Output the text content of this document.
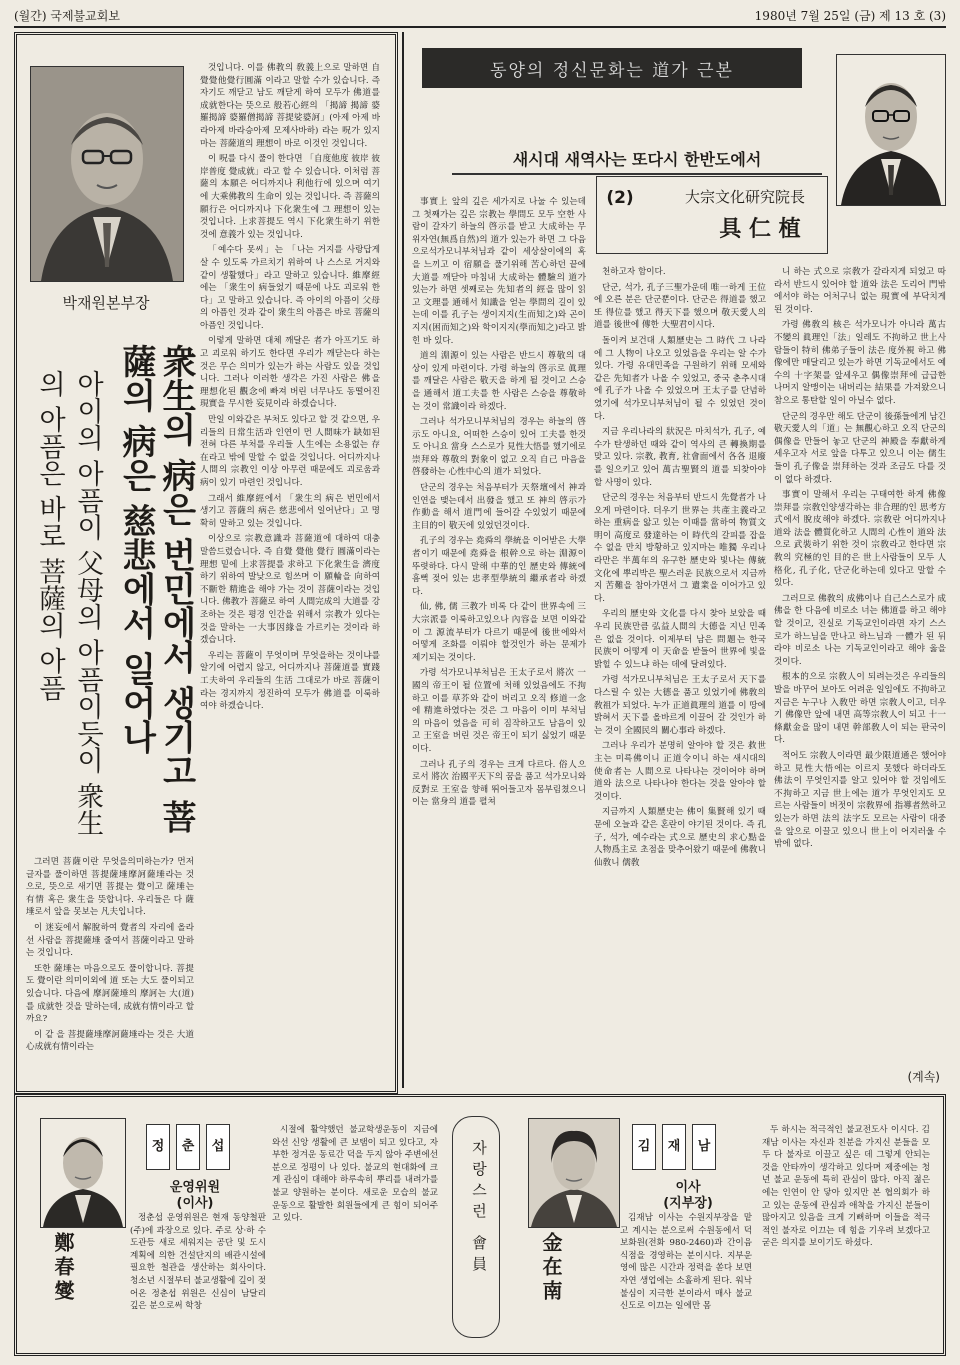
(월간) 국제불교회보	1980년 7월 25일 (금) 제 13 호 (3)
박재원본부장

것입니다. 이를 佛教의 敎義上으로 말하면 自覺覺他覺行圓滿 이라고 말할 수가 있습니다. 즉 자기도 깨닫고 남도 깨닫게 하여 모두가 佛道를 成就한다는 뜻으로 般若心經의 「揭諦 揭諦 婆羅揭諦 婆羅僧揭諦 菩提娑婆訶」(아제 아제 바라아제 바라승아제 모제사바하) 라는 呪가 있지마는 菩薩道의 理想이 바로 이것인 것입니다.

이 呪를 다시 풀이 한다면 「自度他度 彼岸 彼岸普度 覺成就」라고 할 수 있습니다. 이처럼 菩薩의 本願은 어디까지나 利他行에 있으며 여기에 大乘佛教의 生命이 있는 것입니다. 즉 菩薩의 願行은 어디까지나 下化衆生에 그 理想이 있는 것입니다. 上求菩提도 역시 下化衆生하기 위한 것에 意義가 있는 것입니다.

「예수다 못씨」는 「나는 거지를 사랑답게 살 수 있도록 가르치기 위하여 나 스스로 거지와 같이 생활했다」라고 말하고 있습니다. 維摩經에는 「衆生이 病들었기 때문에 나도 괴로워 한다」고 말하고 있습니다. 즉 아이의 아픔이 父母의 아픔인 것과 같이 衆生의 아픔은 바로 菩薩의 아픔인 것입니다.

이렇게 말하면 대체 깨달은 者가 아프기도 하고 괴로워 하기도 한다면 우리가 깨닫는다 하는 것은 무슨 의미가 있는가 하는 사람도 있을 것입니다. 그러나 이러한 생각은 가진 사람은 佛을 理想化된 觀念에 빠져 버린 너무나도 동떨어진 現實을 무시한 妄見이라 하겠습니다.

만일 이와같은 부처도 있다고 할 것 같으면, 우리들의 日常生活과 인연이 먼 人間味가 缺如된 전혀 다른 부처를 우리들 人生에는 소용없는 存在라고 밖에 말할 수 없을 것입니다. 어디까지나 人間의 宗教인 이상 아무런 때문에도 괴로움과 病이 있기 마련인 것입니다.

그래서 維摩經에서 「衆生의 病은 번민에서 생기고 菩薩의 病은 慈悲에서 일어난다」고 명확히 말하고 있는 것입니다.

이상으로 宗教意識과 菩薩道에 대하여 대충 말씀드렸습니다. 즉 自覺 覺他 覺行 圓滿이라는 理想 밑에 上求菩提를 求하고 下化衆生을 濟度하기 위하여 발낮으로 힘쓰며 이 願輪을 向하여 不斷한 精進을 해야 가는 것이 菩薩이라는 것입니다. 佛教가 菩薩로 하여 人間完成의 大道를 강조하는 것은 평경 인간을 위해서 宗教가 있다는 것을 말하는 一大事因緣을 가르키는 것이라 하겠습니다.

우리는 菩薩이 무엇이며 무엇을하는 것이냐를 알기에 어렵지 않고, 어디까지나 菩薩道를 實踐工夫하여 우리들의 生活 그대로가 바로 菩薩이라는 경지까지 정진하여 모두가 佛道를 이룩하여야 하겠습니다.

衆生의 病은 번민에서 생기고 菩薩의 病은 慈悲에서 일어나
아이의 아픔이 父母의 아픔이듯이 衆生의 아픔은 바로 菩薩의 아픔

그러면 菩薩이란 무엇을의미하는가? 먼저 글자를 풀이하면 菩提薩埵摩訶薩埵라는 것으로, 뜻으로 새기면 菩提는 覺이고 薩埵는 有情 혹은 衆生을 뜻합니다. 우리들은 다 薩埵로서 앞을 못보는 凡夫입니다.

이 迷妄에서 解脫하여 覺者의 자리에 올라 선 사람을 菩提薩埵 줄여서 菩薩이라고 말하는 것입니다.

또한 薩埵는 마음으로도 풀이합니다. 菩提도 覺이란 의미이외에 道 또는 大도 풀이되고 있습니다. 다음에 摩訶薩埵의 摩訶는 大(道)를 成就한 것을 말하는데, 成就有情이라고 할까요?

이 같 을 菩提薩埵摩訶薩埵라는 것은 大道心成就有情이라는

동양의 정신문화는 道가 근본
새시대 새역사는 또다시 한반도에서
(2)	大宗文化研究院長
具 仁 植

事實上 앞의 깊은 세가지로 나눌 수 있는데 그 첫째가는 깊은 宗教는 學問도 모두 空한 사람이 갈자기 하늘의 啓示를 받고 大成하는 무위자연(無爲自然)의 道가 있는가 하면 그 다음으로석가모니부처님과 같이 세상살이에의 혹을 느끼고 이 宿願을 풀기위해 苦心하던 끝에 大道를 깨닫아 마침내 大成하는 體驗의 道가 있는가 하면 셋째로는 先知者의 經을 많이 읽고 文理를 通해서 知識을 얻는 學問의 길이 있는데 이를 孔子는 생이지지(生而知之)와 곤이지지(困而知之)와 학이지지(學而知之)라고 밝힌 바 있다.

道의 淵源이 있는 사람은 반드시 尊敬의 대상이 있게 마련이다. 가령 하늘의 啓示로 眞理를 깨달은 사람은 敬天을 하게 될 것이고 스승을 通해서 道工夫를 한 사람은 스승을 尊敬하는 것이 常識이라 하겠다.

그러나 석가모니부처님의 경우는 하늘의 啓示도 아니요, 어떠한 스승이 있어 工夫를 한것도 아니요 當身 스스로가 見性大悟를 했기에로 崇拜와 尊敬의 對象이 없고 오직 自己 마음을 啓發하는 心性中心의 道가 되었다.

단군의 경우는 처음부터가 天祭壇에서 神과 인연을 맺는데서 出發을 했고 또 神의 啓示가 作動을 해서 道門에 들어갈 수있었기 때문에 主目的이 敬天에 있었던것이다.

孔子의 경우는 堯舜의 學統을 이어받은 大學者이기 때문에 堯舜을 根幹으로 하는 淵源이 뚜렷하다. 다시 말해 中華的인 歷史와 傳統에 흠뻑 젖어 있는 忠孝型學統의 繼承者라 하겠다.

仙, 佛, 儒 三教가 비록 다 같이 世界속에 三大宗派를 이룩하고있으나 內容을 보면 이와같이 그 源流부터가 다르기 때문에 後世에와서 어떻게 조화를 이뤄야 할것인가 하는 문제가 제기되는 것이다.

가령 석가모니부처님은 王太子로서 將次 一國의 帝王이 될 位置에 처해 있었음에도 不拘하고 이를 草芥와 같이 버리고 오직 修道一念에 精進하였다는 것은 그 마음이 이미 부처님의 마음이 였음을 可히 짐작하고도 남음이 있고 王室을 버린 것은 帝王이 되기 싫었기 때문이다.

그러나 孔子의 경우는 크게 다르다. 俗人으로서 將次 治國平天下의 꿈을 품고 석가모니와 反對로 王室을 향해 뛰어들고자 몸부림쳤으니 이는 當身의 道를 펼쳐

천하고자 함이다.

단군, 석가, 孔子三聖가운데 唯一하게 王位에 오른 분은 단군뿐이다. 단군은 得道를 했고 또 得位를 했고 得天下를 했으며 敬天愛人의 道를 後世에 傳한 大聖君이시다.

돌이켜 보건대 人類歷史는 그 時代 그 나라에 그 人物이 나오고 있었음을 우리는 알 수가 있다. 가령 유대민족을 구원하기 위해 모세와 같은 先知者가 나올 수 있었고, 중국 춘추시대에 孔子가 나올 수 있었으며 王太子를 단념하였기에 석가모니부처님이 될 수 있었던 것이다.

지금 우리나라의 狀況은 마치석가, 孔子, 예수가 탄생하던 때와 같이 역사의 큰 轉換期를 맞고 있다. 宗教, 教育, 社會面에서 各各 退廢를 일으키고 있어 萬古聖賢의 道를 되찾아야할 사명이 있다.

단군의 경우는 처음부터 반드시 先覺者가 나오게 마련이다. 더우기 世界는 共產主義라고 하는 重病을 앓고 있는 이때를 當하여 物質文明이 高度로 發達하는 이 時代의 갈피를 잡을 수 없을 만치 방황하고 있지마는 唯獨 우리나라만은 半萬年의 유구한 歷史와 빛나는 傳統文化에 뿌리박은 聖스러운 民族으로서 지금까지 苦難을 참아가면서 그 遺業을 이어가고 있다.

우리의 歷史와 文化를 다시 찾아 보았을 때 우리 民族만큼 弘益人間의 大德을 지닌 민족은 없을 것이다. 이제부터 남은 問題는 한국 民族이 어떻게 이 天命을 받들어 世界에 빛을 밝힐 수 있느냐 하는 데에 달려있다.

가령 석가모니부처님은 王太子로서 天下를 다스릴 수 있는 大德을 품고 있었기에 佛敎의 敎祖가 되었다. 누가 正道眞理의 道를 이 땅에 밝혀서 天下를 올바르게 이끌어 갈 것인가 하는 것이 全國民의 關心事라 하겠다.

그러나 우리가 분명히 알아야 할 것은 救世主는 미륵佛이니 正道令이니 하는 새시대의 使命者는 人間으로 나타나는 것이어야 하며 道와 法으로 나타나야 한다는 것을 알아야 할 것이다.

지금까지 人類歷史는 佛이 集賢해 있기 때문에 오늘과 같은 혼란이 야기된 것이다. 즉 孔子, 석가, 예수라는 式으로 歷史의 求心點을 人物爲主로 초점을 맞추어왔기 때문에 佛敎니 仙敎니 儒敎

니 하는 式으로 宗敎가 갈라지게 되었고 따라서 반드시 있어야 할 道와 法은 도리어 門밖에서야 하는 어처구니 없는 現實에 부닥치게 된 것이다.

가령 佛敎의 核은 석가모니가 아니라 萬古不變의 眞理인「法」일레도 不拘하고 世上사람들이 特히 佛弟子들이 法은 度外視 하고 佛像에만 매달리고 있는가 하면 기독교에서도 예수의 十字架를 앞세우고 偶像崇拜에 급급한 나머지 알맹이는 내버리는 結果를 가져왔으니 참으로 통탄할 일이 아닐수 없다.

단군의 경우만 해도 단군이 後孫들에게 남긴 敬天愛人의「道」는 無觀心하고 오직 단군의 偶像을 만들어 놓고 단군의 神殿을 奉獻하게 세우고자 서로 앞을 다투고 있으니 이는 儒生들이 孔子像을 崇拜하는 것과 조금도 다를 것이 없다 하겠다.

事實이 말해서 우리는 구태여한 하게 佛像崇拜를 宗敎인양생각하는 非合理的인 思考方式에서 脫皮해야 하겠다. 宗敎란 어디까지나 道와 法을 體質化하고 人間의 心性이 道와 法으로 武裝하기 위한 것이 宗敎라고 한다면 宗敎의 究極的인 目的은 世上사람들이 모두 人格化, 孔子化, 단군化하는데 있다고 말할 수 있다.

그러므로 佛敎의 成佛이나 自己스스로가 成佛을 한 다음에 비로소 너는 佛道를 하고 해야 할 것이고, 진실로 기독교인이라면 자기 스스로가 하느님을 만나고 하느님과 一體가 된 뒤라야 비로소 나는 기독교인이라고 해야 옳을 것이다.

根本的으로 宗敎人이 되려는것은 우리들의 발을 바꾸어 보아도 어려운 일임에도 不拘하고 지금은 누구나 入敎만 하면 宗敎人이고, 더우기 佛像만 앞에 내면 高等宗敎人이 되고 十一條獻金을 많이 내면 幹部敎人이 되는 판국이다.

적어도 宗敎人이라면 最少限道通은 했어야 하고 見性大悟에는 이르지 못했다 하더라도 佛法이 무엇인지를 알고 있어야 할 것임에도 不拘하고 지금 世上에는 道가 무엇인지도 모르는 사람들이 버젓이 宗敎界에 指導者然하고 있는가 하면 法의 法字도 모르는 사람이 대중을 앞으로 이끌고 있으니 世上이 어지러울 수 밖에 없다.

(계속)
鄭春燮
정	춘	섭
운영위원
(이사)

정춘섭 운영위원은 현재 동양철판(주)에 과장으로 있다. 주로 상·하 수도관등 새로 세워지는 공단 및 도시계획에 의한 건설단지의 배관시설에 필요한 철관을 생산하는 회사이다. 청소년 시절부터 불교생활에 깊이 젖어온 정춘섭 위원은 신심이 남달리 깊은 분으로써 학창

시절에 활약했던 불교학생운동이 지금에 와선 신앙 생활에 큰 보탬이 되고 있다고, 자부한 정겨운 동료간 덕을 두지 않아 주변에선 분으로 정평이 나 있다. 불교의 현대화에 크게 관심이 대해야 하루속히 뿌리를 내려가를 불교 양원하는 분이다. 새로운 모습의 불교 운동으로 활발한 회원들에게 큰 힘이 되어주고 있다.	자랑스런 會員	金在南
김	재	남
이사
(지부장)

김재남 이사는 수원지부장을 맡고 계시는 분으로써 수원동에서 덕보화원(전화 980-2460)과 간이음식점을 경영하는 분이시다. 지부운영에 많은 시간과 정력을 쏟다 보면 자연 생업에는 소홀하게 된다. 워낙 불심이 지극한 분이라서 매사 불교신도로 이끄는 일에만 몸

두 하시는 적극적인 불교전도사 이시다. 김재남 이사는 자신과 친분을 가지신 분들을 모두 다 불자로 이끌고 싶은 데 그렇게 안되는 것을 안타까이 생각하고 있다며 제중에는 청년 불교 운동에 특히 관심이 많다. 아직 젊은에는 인연이 안 닿아 있지만 본 협의회가 하고 있는 운동에 관심과 애착을 가지신 분들이 많아지고 있음을 크게 기뻐하며 이들을 적극적인 불자로 이끄는 데 힘을 기우려 보겠다고 굳은 의지를 보이기도 하셨다.
